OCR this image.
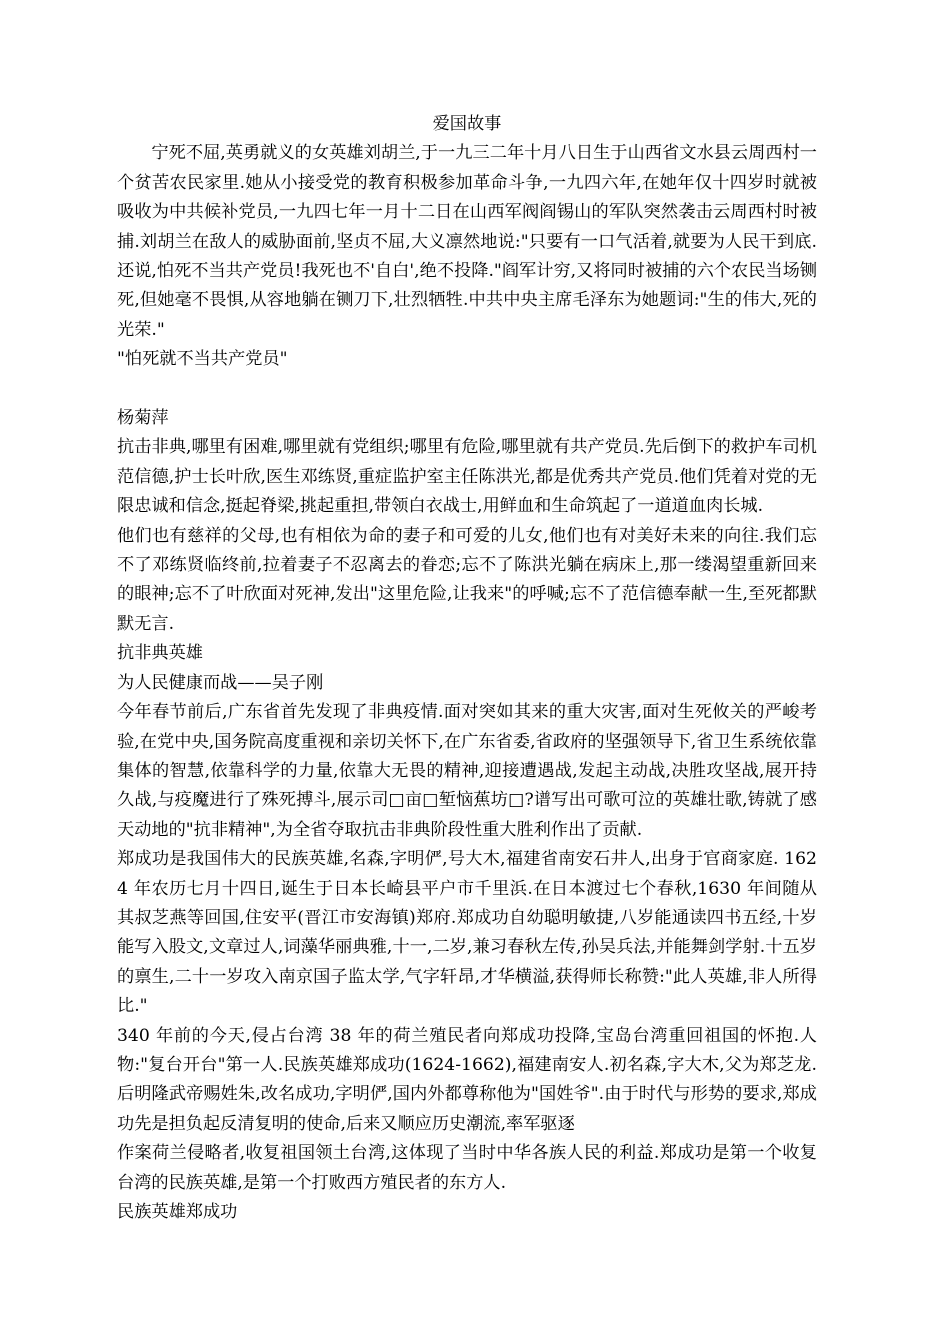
爱国故事

宁死不屈,英勇就义的女英雄刘胡兰,于一九三二年十月八日生于山西省文水县云周西村一个贫苦农民家里.她从小接受党的教育积极参加革命斗争,一九四六年,在她年仅十四岁时就被吸收为中共候补党员,一九四七年一月十二日在山西军阀阎锡山的军队突然袭击云周西村时被捕.刘胡兰在敌人的威胁面前,坚贞不屈,大义凛然地说:"只要有一口气活着,就要为人民干到底.还说,怕死不当共产党员!我死也不'自白',绝不投降."阎军计穷,又将同时被捕的六个农民当场铡死,但她毫不畏惧,从容地躺在铡刀下,壮烈牺牲.中共中央主席毛泽东为她题词:"生的伟大,死的光荣."

"怕死就不当共产党员"

杨菊萍

抗击非典,哪里有困难,哪里就有党组织;哪里有危险,哪里就有共产党员.先后倒下的救护车司机范信德,护士长叶欣,医生邓练贤,重症监护室主任陈洪光,都是优秀共产党员.他们凭着对党的无限忠诚和信念,挺起脊梁,挑起重担,带领白衣战士,用鲜血和生命筑起了一道道血肉长城.

他们也有慈祥的父母,也有相依为命的妻子和可爱的儿女,他们也有对美好未来的向往.我们忘不了邓练贤临终前,拉着妻子不忍离去的眷恋;忘不了陈洪光躺在病床上,那一缕渴望重新回来的眼神;忘不了叶欣面对死神,发出"这里危险,让我来"的呼喊;忘不了范信德奉献一生,至死都默默无言.

抗非典英雄

为人民健康而战——吴子刚

今年春节前后,广东省首先发现了非典疫情.面对突如其来的重大灾害,面对生死攸关的严峻考验,在党中央,国务院高度重视和亲切关怀下,在广东省委,省政府的坚强领导下,省卫生系统依靠集体的智慧,依靠科学的力量,依靠大无畏的精神,迎接遭遇战,发起主动战,决胜攻坚战,展开持久战,与疫魔进行了殊死搏斗,展示司□亩□堑恼蕉坊□?谱写出可歌可泣的英雄壮歌,铸就了感天动地的"抗非精神",为全省夺取抗击非典阶段性重大胜利作出了贡献.

郑成功是我国伟大的民族英雄,名森,字明俨,号大木,福建省南安石井人,出身于官商家庭. 1624 年农历七月十四日,诞生于日本长崎县平户市千里浜.在日本渡过七个春秋,1630 年间随从其叔芝燕等回国,住安平(晋江市安海镇)郑府.郑成功自幼聪明敏捷,八岁能通读四书五经,十岁能写入股文,文章过人,词藻华丽典雅,十一,二岁,兼习春秋左传,孙吴兵法,并能舞剑学射.十五岁的禀生,二十一岁攻入南京国子监太学,气字轩昂,才华横溢,获得师长称赞:"此人英雄,非人所得比."

340 年前的今天,侵占台湾 38 年的荷兰殖民者向郑成功投降,宝岛台湾重回祖国的怀抱.人物:"复台开台"第一人.民族英雄郑成功(1624-1662),福建南安人.初名森,字大木,父为郑芝龙.后明隆武帝赐姓朱,改名成功,字明俨,国内外都尊称他为"国姓爷".由于时代与形势的要求,郑成功先是担负起反清复明的使命,后来又顺应历史潮流,率军驱逐

作案荷兰侵略者,收复祖国领土台湾,这体现了当时中华各族人民的利益.郑成功是第一个收复台湾的民族英雄,是第一个打败西方殖民者的东方人.

民族英雄郑成功
